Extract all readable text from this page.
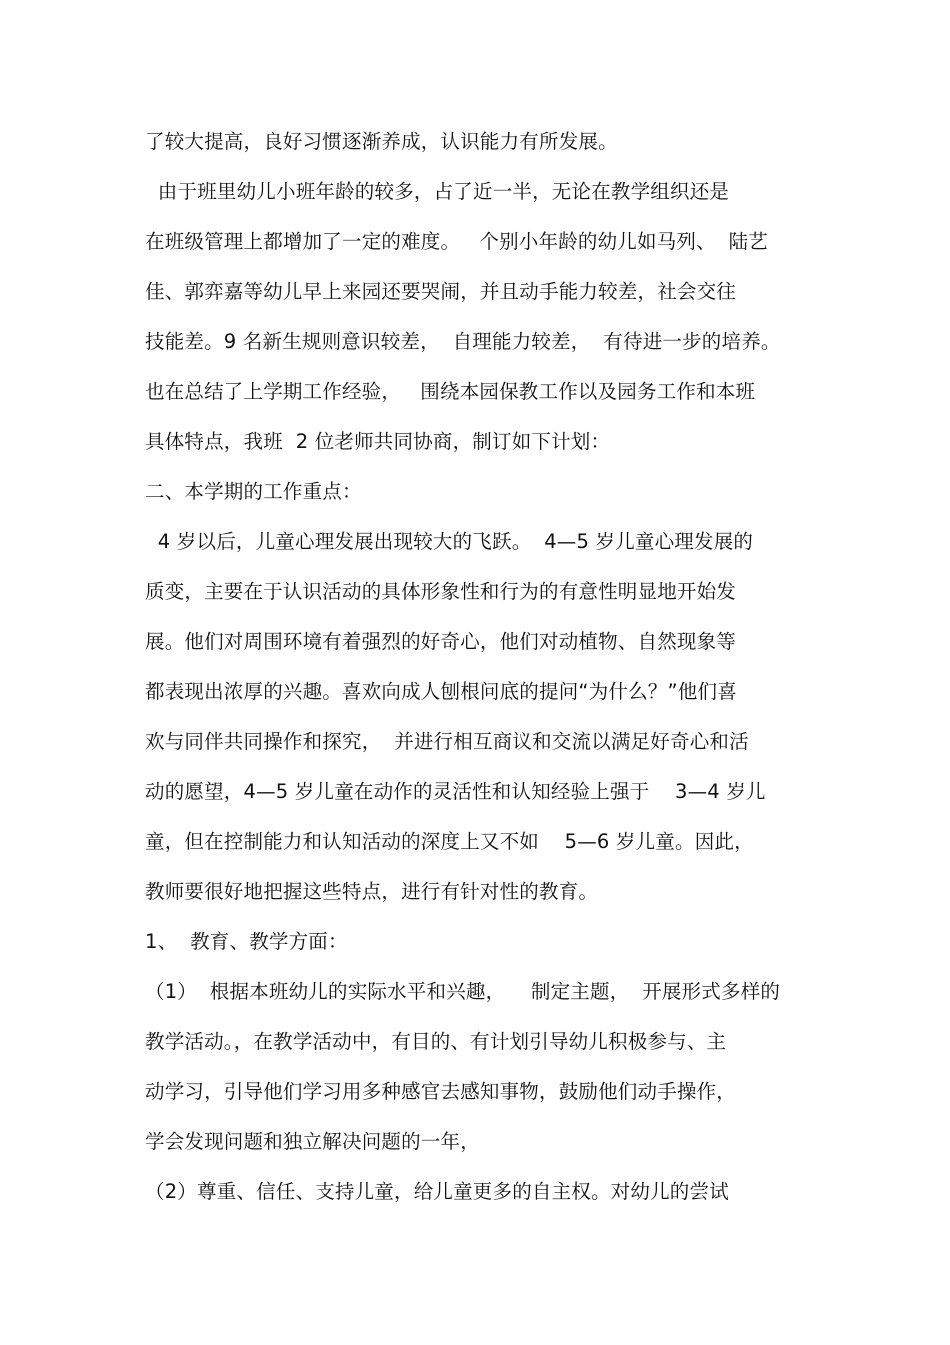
了较大提高，良好习惯逐渐养成，认识能力有所发展。
由于班里幼儿小班年龄的较多，占了近一半，无论在教学组织还是
在班级管理上都增加了一定的难度。   个别小年龄的幼儿如马列、  陆艺
佳、郭弈嘉等幼儿早上来园还要哭闹，并且动手能力较差，社会交往
技能差。9 名新生规则意识较差，  自理能力较差，  有待进一步的培养。
也在总结了上学期工作经验，   围绕本园保教工作以及园务工作和本班
具体特点，我班  2 位老师共同协商，制订如下计划：
二、本学期的工作重点：
4 岁以后，儿童心理发展出现较大的飞跃。  4—5 岁儿童心理发展的
质变，主要在于认识活动的具体形象性和行为的有意性明显地开始发
展。他们对周围环境有着强烈的好奇心，他们对动植物、自然现象等
都表现出浓厚的兴趣。喜欢向成人刨根问底的提问“为什么？”他们喜
欢与同伴共同操作和探究，  并进行相互商议和交流以满足好奇心和活
动的愿望，4—5 岁儿童在动作的灵活性和认知经验上强于    3—4 岁儿
童，但在控制能力和认知活动的深度上又不如    5—6 岁儿童。因此，
教师要很好地把握这些特点，进行有针对性的教育。
1、  教育、教学方面：
（1）  根据本班幼儿的实际水平和兴趣，    制定主题，  开展形式多样的
教学活动。，在教学活动中，有目的、有计划引导幼儿积极参与、主
动学习，引导他们学习用多种感官去感知事物，鼓励他们动手操作，
学会发现问题和独立解决问题的一年，
（2）尊重、信任、支持儿童，给儿童更多的自主权。对幼儿的尝试
